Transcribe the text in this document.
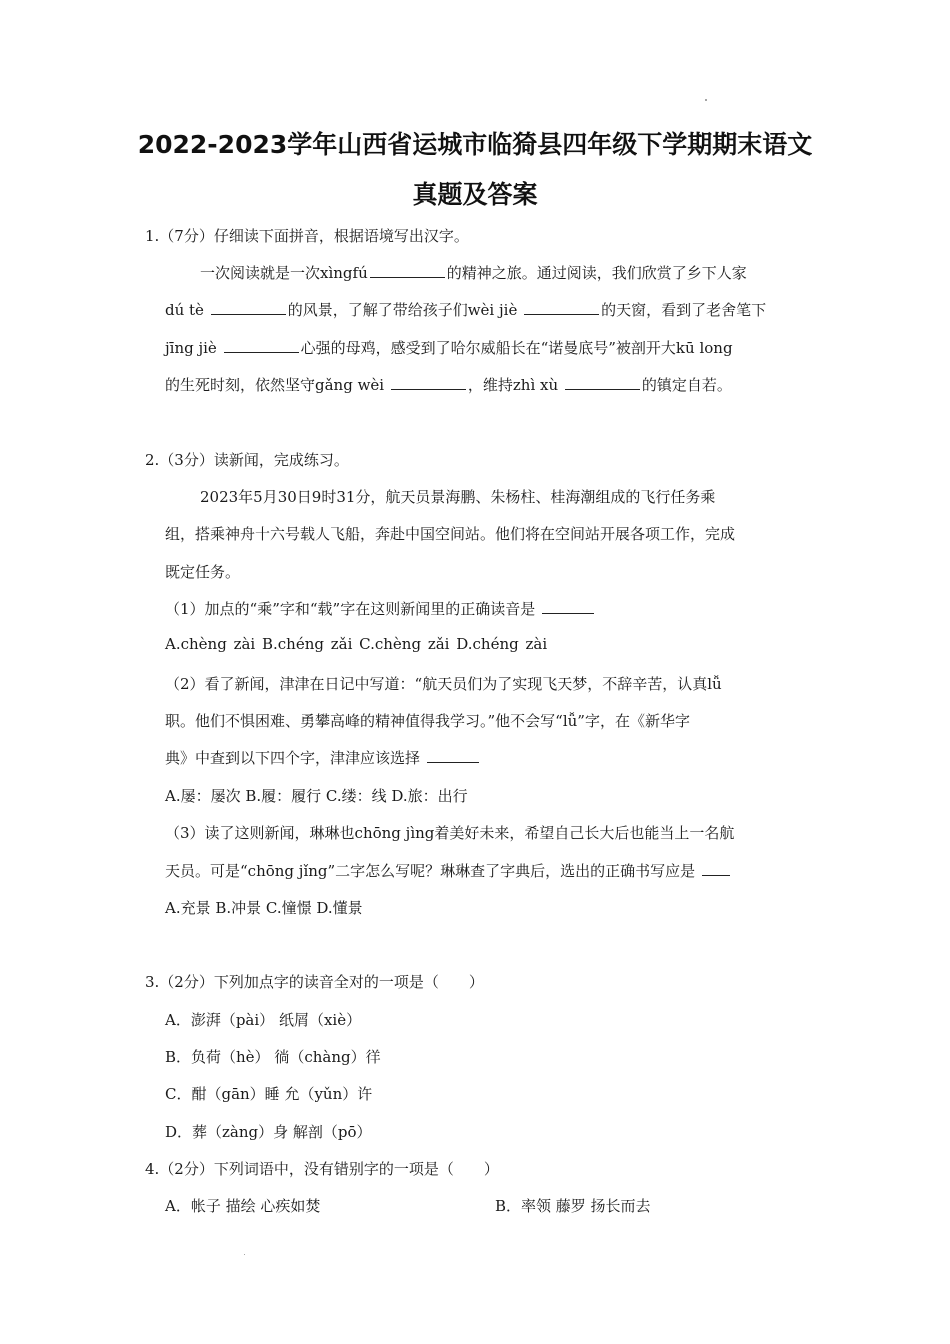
2022-2023学年山西省运城市临猗县四年级下学期期末语文
真题及答案
1.（7分）仔细读下面拼音，根据语境写出汉字。
一次阅读就是一次xìngfú	的精神之旅。通过阅读，我们欣赏了乡下人家
dú tè	的风景，了解了带给孩子们wèi jiè	的天窗，看到了老舍笔下
jīng jiè	心强的母鸡，感受到了哈尔威船长在“诺曼底号”被剖开大kū long
的生死时刻，依然坚守gǎng wèi	，维持zhì xù	的镇定自若。
2.（3分）读新闻，完成练习。
2023年5月30日9时31分，航天员景海鹏、朱杨柱、桂海潮组成的飞行任务乘
组，搭乘神舟十六号载人飞船，奔赴中国空间站。他们将在空间站开展各项工作，完成
既定任务。
（1）加点的“乘”字和“载”字在这则新闻里的正确读音是
A.chèng zài B.chéng zǎi C.chèng zǎi D.chéng zài
（2）看了新闻，津津在日记中写道：“航天员们为了实现飞天梦，不辞辛苦，认真lǚ
职。他们不惧困难、勇攀高峰的精神值得我学习。”他不会写“lǚ”字，在《新华字
典》中查到以下四个字，津津应该选择
A.屡：屡次 B.履：履行 C.缕：线 D.旅：出行
（3）读了这则新闻，琳琳也chōng jìng着美好未来，希望自己长大后也能当上一名航
天员。可是“chōng jǐng”二字怎么写呢？琳琳查了字典后，选出的正确书写应是
A.充景 B.冲景 C.憧憬 D.懂景
3.（2分）下列加点字的读音全对的一项是（　　）
A．澎湃（pài） 纸屑（xiè）
B．负荷（hè） 徜（chàng）徉
C．酣（gān）睡 允（yǔn）许
D．葬（zàng）身 解剖（pō）
4.（2分）下列词语中，没有错别字的一项是（　　）
A．帐子 描绘 心疾如焚	B．率领 藤罗 扬长而去
